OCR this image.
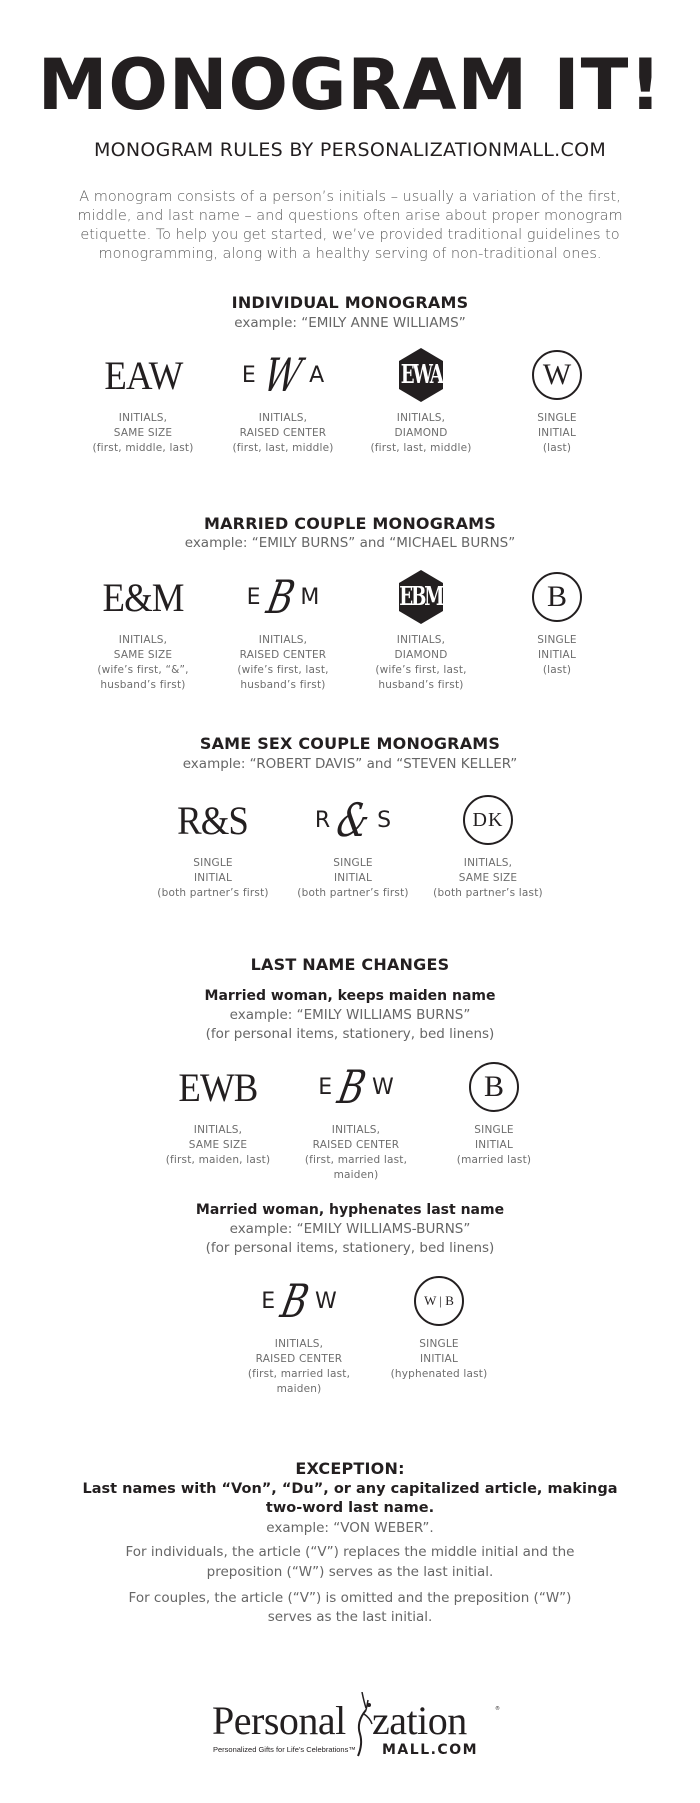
MONOGRAM IT!
MONOGRAM RULES BY PERSONALIZATIONMALL.COM
A monogram consists of a person’s initials – usually a variation of the first, middle, and last name – and questions often arise about proper monogram etiquette. To help you get started, we’ve provided traditional guidelines to monogramming, along with a healthy serving of non-traditional ones.
INDIVIDUAL MONOGRAMS
example: “EMILY ANNE WILLIAMS”
EAW
INITIALS,
SAME SIZE
(first, middle, last)
E W A
INITIALS,
RAISED CENTER
(first, last, middle)
EWA
INITIALS,
DIAMOND
(first, last, middle)
W
SINGLE
INITIAL
(last)
MARRIED COUPLE MONOGRAMS
example: “EMILY BURNS” and “MICHAEL BURNS”
E&M
INITIALS,
SAME SIZE
(wife’s first, “&”,
husband’s first)
E B M
INITIALS,
RAISED CENTER
(wife’s first, last,
husband’s first)
EBM
INITIALS,
DIAMOND
(wife’s first, last,
husband’s first)
B
SINGLE
INITIAL
(last)
SAME SEX COUPLE MONOGRAMS
example: “ROBERT DAVIS” and “STEVEN KELLER”
R&S
SINGLE
INITIAL
(both partner’s first)
R & S
SINGLE
INITIAL
(both partner’s first)
DK
INITIALS,
SAME SIZE
(both partner’s last)
LAST NAME CHANGES
Married woman, keeps maiden name
example: “EMILY WILLIAMS BURNS”
(for personal items, stationery, bed linens)
EWB
INITIALS,
SAME SIZE
(first, maiden, last)
E B W
INITIALS,
RAISED CENTER
(first, married last,
maiden)
B
SINGLE
INITIAL
(married last)
Married woman, hyphenates last name
example: “EMILY WILLIAMS-BURNS”
(for personal items, stationery, bed linens)
E B W
INITIALS,
RAISED CENTER
(first, married last,
maiden)
W | B
SINGLE
INITIAL
(hyphenated last)
EXCEPTION:
Last names with “Von”, “Du”, or any capitalized article, makinga
two-word last name.
example: “VON WEBER”.
For individuals, the article (“V”) replaces the middle initial and the
preposition (“W”) serves as the last initial.
For couples, the article (“V”) is omitted and the preposition (“W”)
serves as the last initial.
Personal zation	®
Personalized Gifts for Life’s Celebrations™ MALL.COM
